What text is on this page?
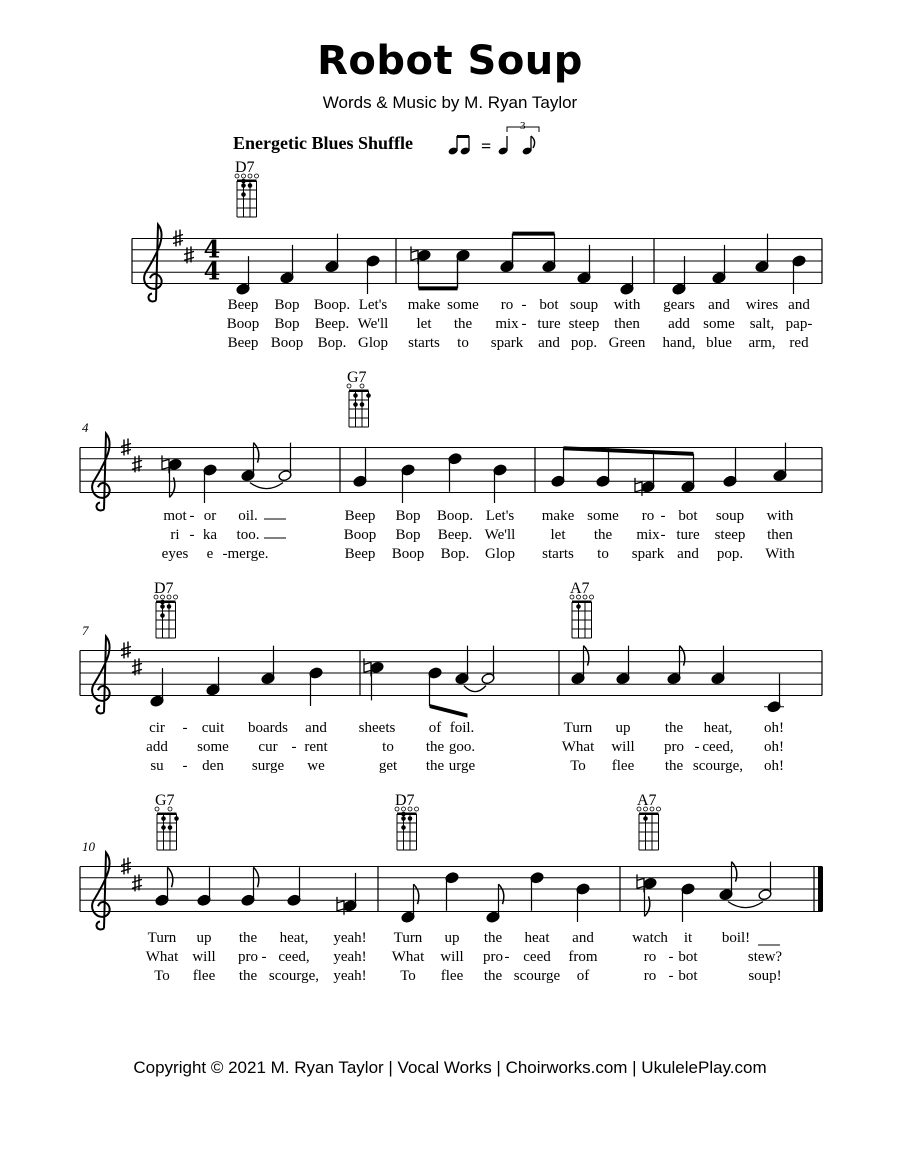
Robot Soup
Words & Music by M. Ryan Taylor
Energetic Blues Shuffle	=
3
4
4
D7
G7
D7	A7
G7	D7	A7
4
7
10
Beep Bop Boop. Let's make some ro - bot soup with gears and wires and
Boop Bop Beep. We'll let the mix - ture steep then add some salt, pap-
Beep Boop Bop. Glop starts to spark and pop. Green hand, blue arm, red
mot - or oil.	Beep Bop Boop. Let's make some ro - bot soup with
ri - ka too.	Boop Bop Beep. We'll let the mix - ture steep then
eyes e - merge.	Beep Boop Bop. Glop starts to spark and pop. With
cir - cuit boards and sheets of foil.	Turn up the heat, oh!
add some cur - rent	to the goo.	What will pro - ceed, oh!
su - den surge we	get the urge	To flee the scourge, oh!
Turn up the heat, yeah! Turn up the heat and	watch it boil!
What will pro - ceed, yeah! What will pro - ceed from	ro - bot	stew?
To flee the scourge, yeah! To flee the scourge of	ro - bot	soup!
Copyright © 2021 M. Ryan Taylor | Vocal Works | Choirworks.com | UkulelePlay.com
